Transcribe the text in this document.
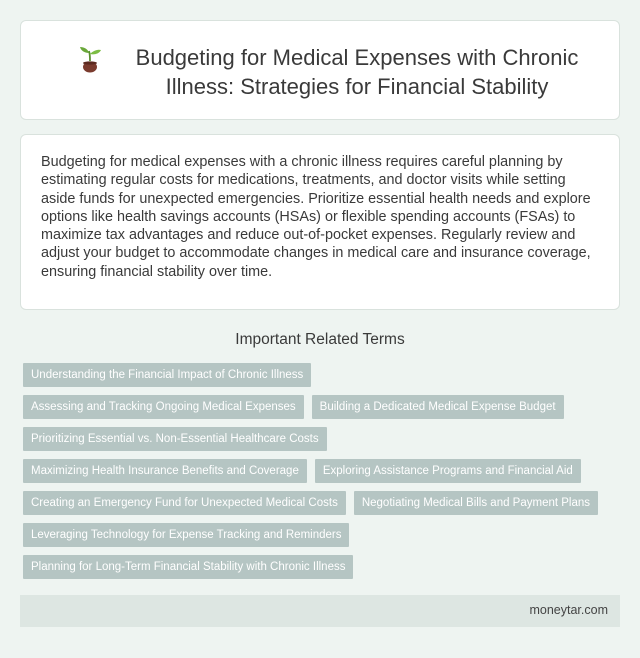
Budgeting for Medical Expenses with Chronic Illness: Strategies for Financial Stability

Budgeting for medical expenses with a chronic illness requires careful planning by estimating regular costs for medications, treatments, and doctor visits while setting aside funds for unexpected emergencies. Prioritize essential health needs and explore options like health savings accounts (HSAs) or flexible spending accounts (FSAs) to maximize tax advantages and reduce out-of-pocket expenses. Regularly review and adjust your budget to accommodate changes in medical care and insurance coverage, ensuring financial stability over time.

Important Related Terms
Understanding the Financial Impact of Chronic Illness
Assessing and Tracking Ongoing Medical Expenses	Building a Dedicated Medical Expense Budget
Prioritizing Essential vs. Non-Essential Healthcare Costs
Maximizing Health Insurance Benefits and Coverage	Exploring Assistance Programs and Financial Aid
Creating an Emergency Fund for Unexpected Medical Costs	Negotiating Medical Bills and Payment Plans
Leveraging Technology for Expense Tracking and Reminders
Planning for Long-Term Financial Stability with Chronic Illness
moneytar.com
